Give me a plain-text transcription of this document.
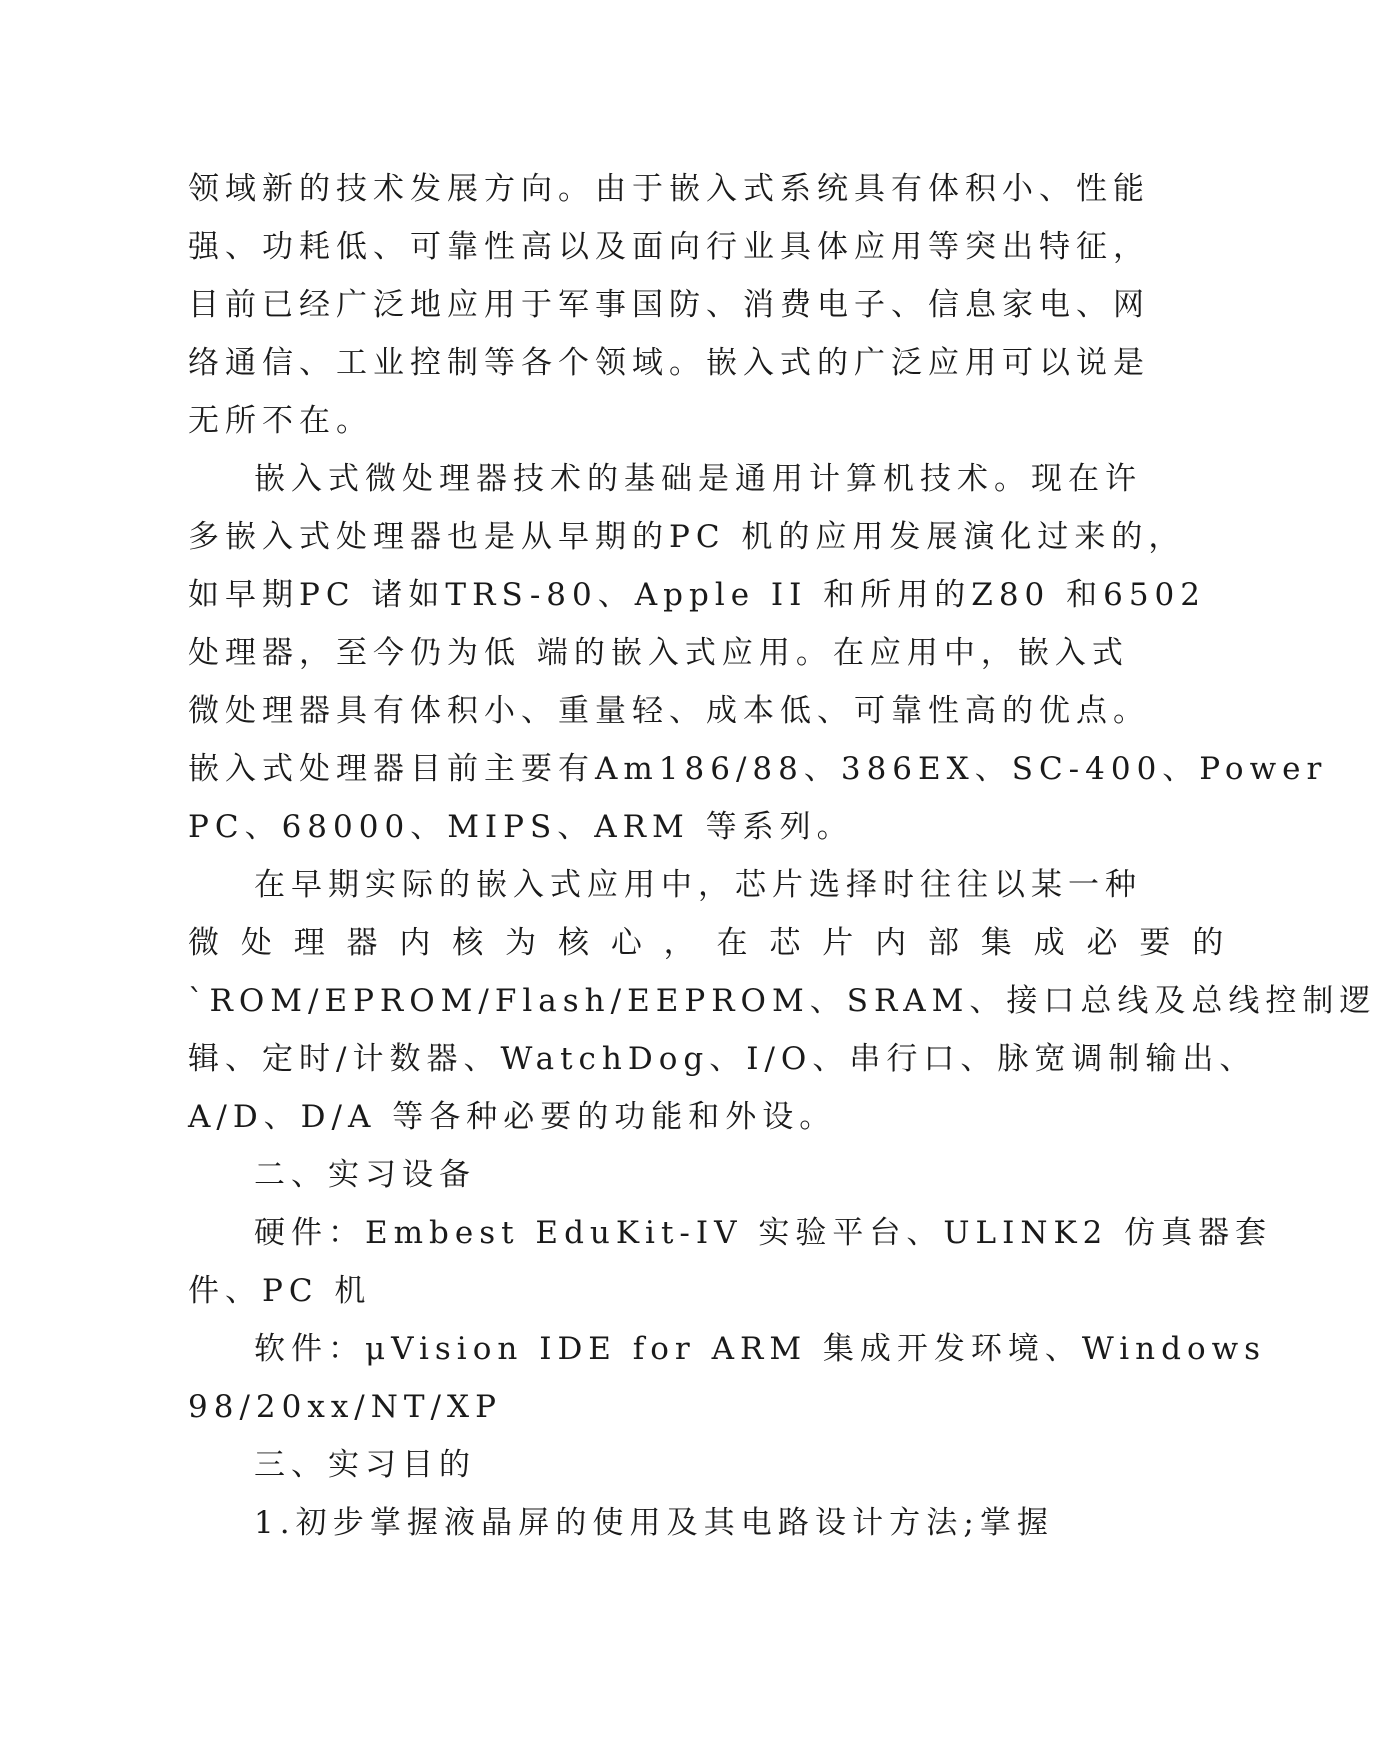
领域新的技术发展方向。由于嵌入式系统具有体积小、性能
强、功耗低、可靠性高以及面向行业具体应用等突出特征，
目前已经广泛地应用于军事国防、消费电子、信息家电、网
络通信、工业控制等各个领域。嵌入式的广泛应用可以说是
无所不在。
嵌入式微处理器技术的基础是通用计算机技术。现在许
多嵌入式处理器也是从早期的PC 机的应用发展演化过来的，
如早期PC 诸如TRS-80、Apple II 和所用的Z80 和6502
处理器，至今仍为低 端的嵌入式应用。在应用中，嵌入式
微处理器具有体积小、重量轻、成本低、可靠性高的优点。
嵌入式处理器目前主要有Am186/88、386EX、SC-400、Power
PC、68000、MIPS、ARM 等系列。
在早期实际的嵌入式应用中，芯片选择时往往以某一种
微 处 理 器 内 核 为 核 心 ， 在 芯 片 内 部 集 成 必 要 的
`ROM/EPROM/Flash/EEPROM、SRAM、接口总线及总线控制逻
辑、定时/计数器、WatchDog、I/O、串行口、脉宽调制输出、
A/D、D/A 等各种必要的功能和外设。
二、实习设备
硬件：Embest EduKit-IV 实验平台、ULINK2 仿真器套
件、PC 机
软件：μVision IDE for ARM 集成开发环境、Windows
98/20xx/NT/XP
三、实习目的
1.初步掌握液晶屏的使用及其电路设计方法;掌握
